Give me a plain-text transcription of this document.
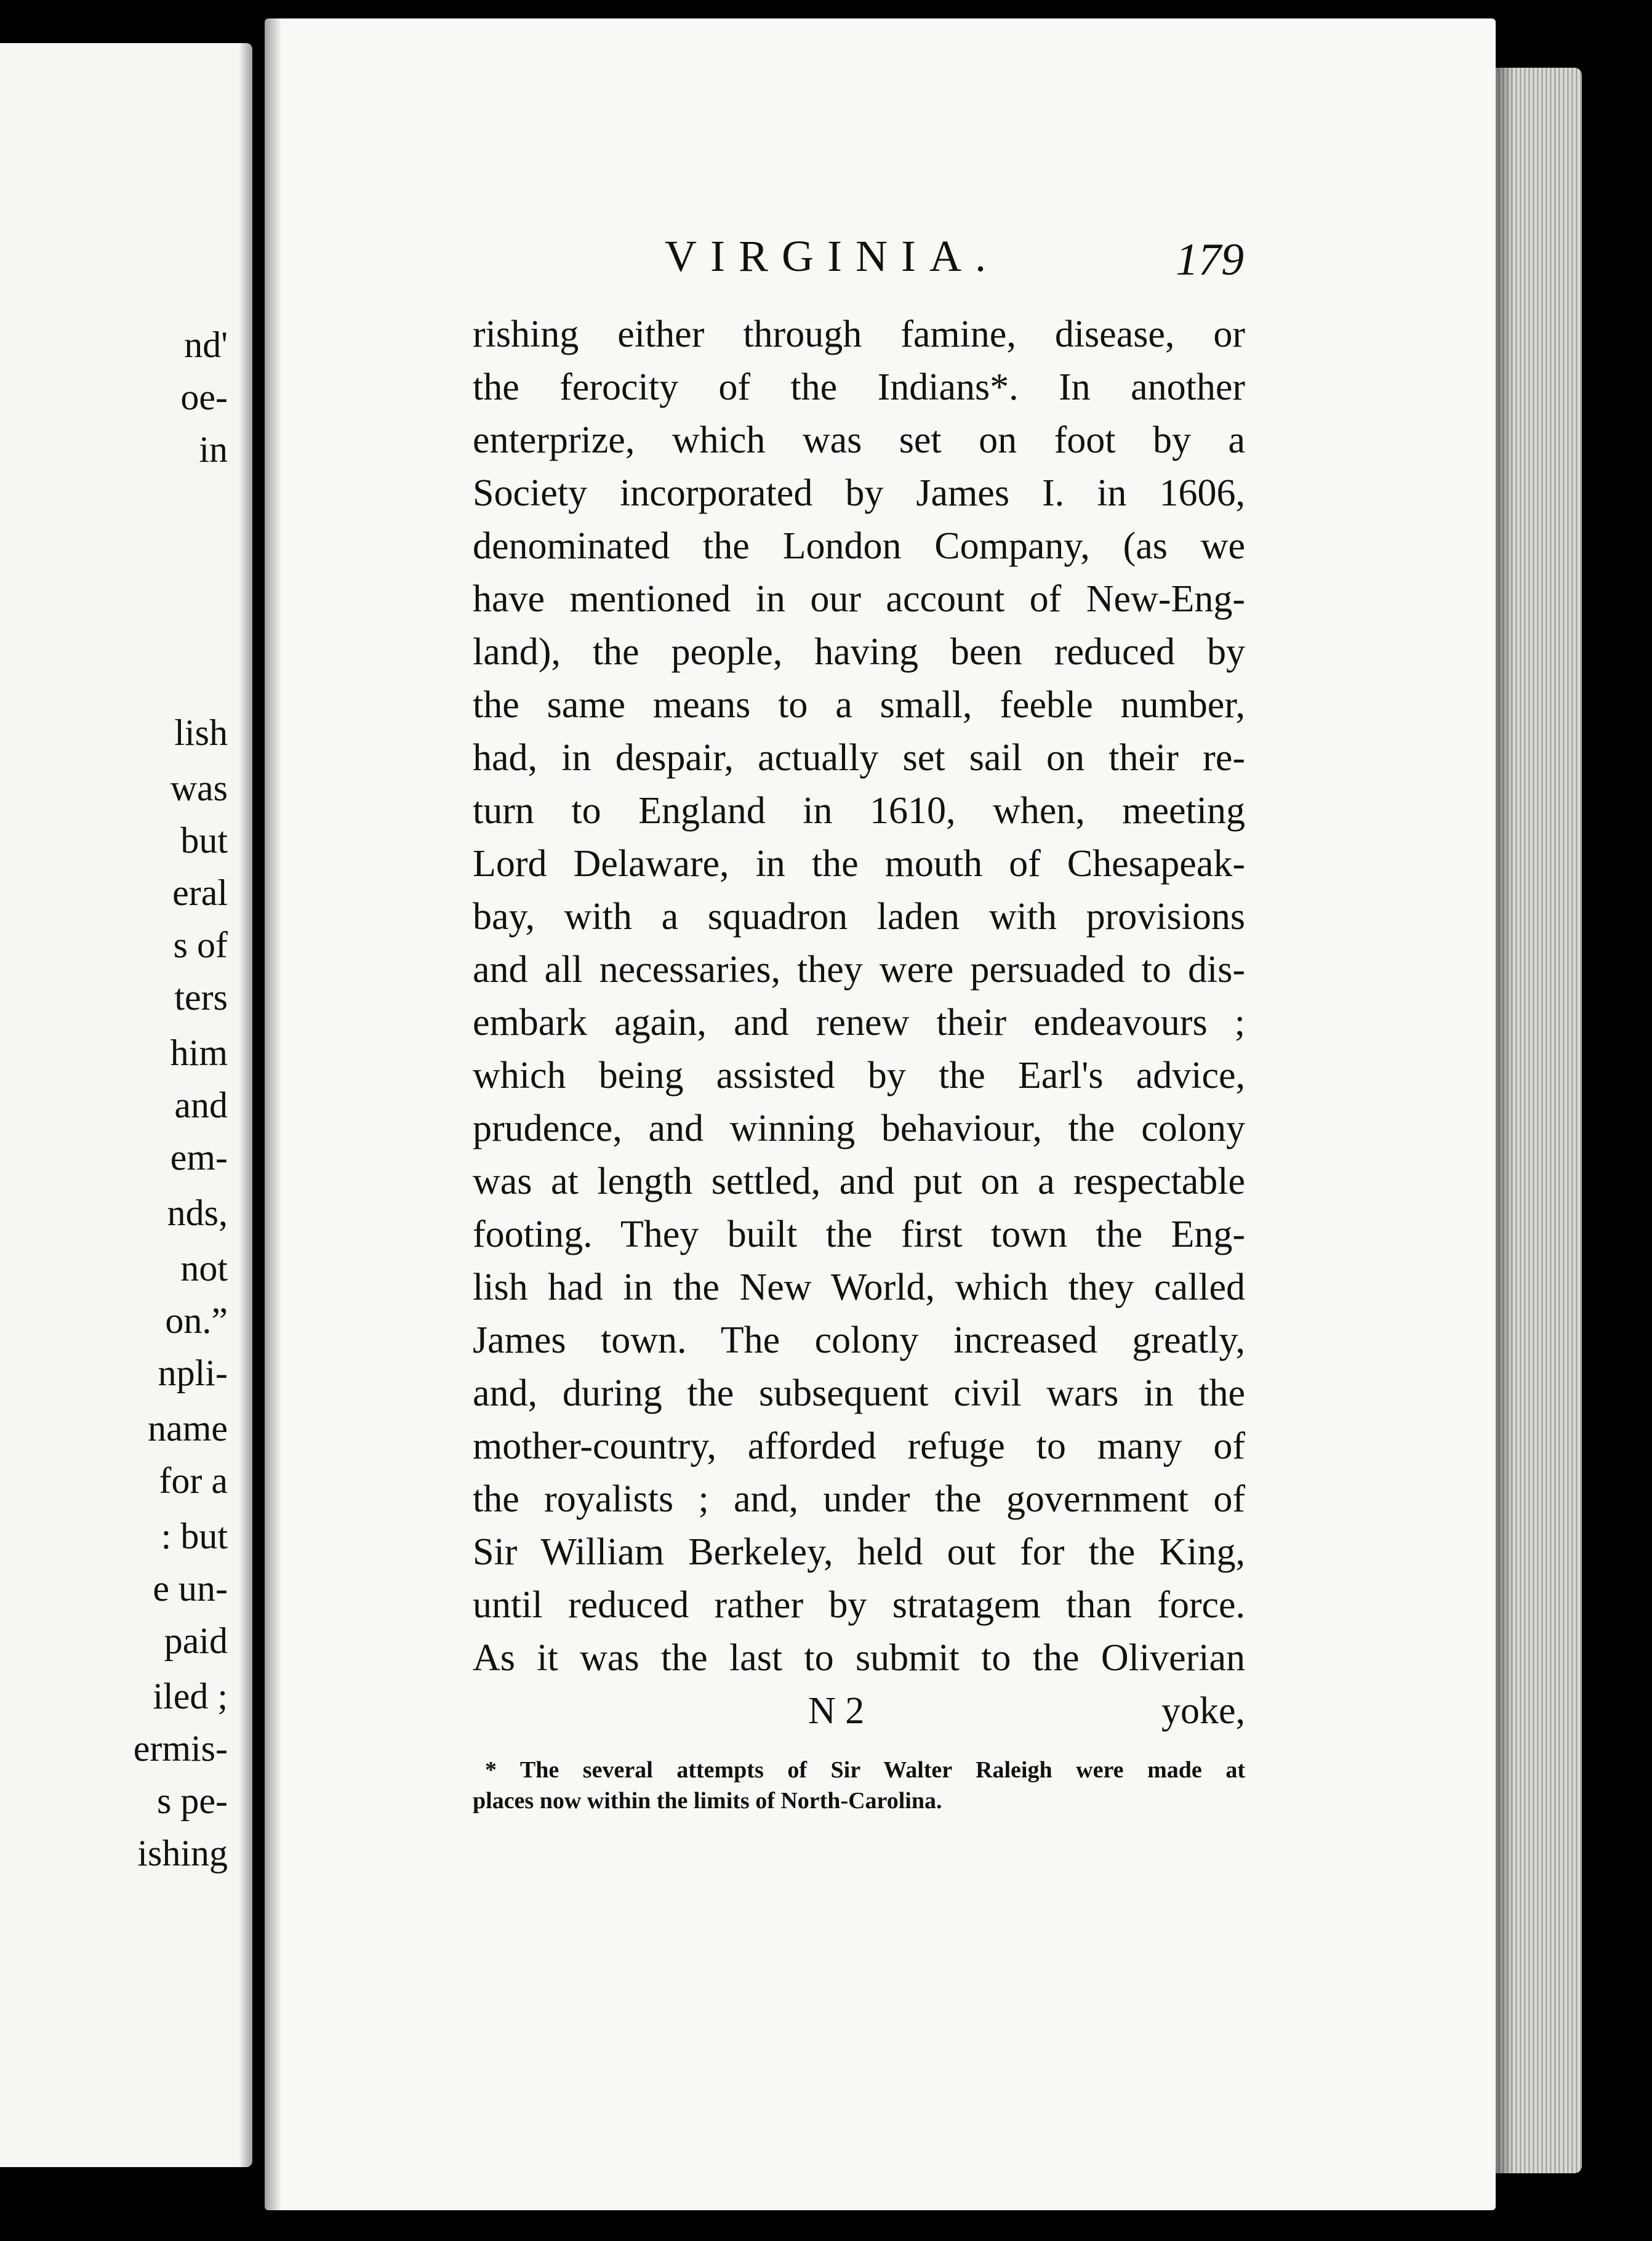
nd'
oe-
in
lish
was
but
eral
s of
ters
him
and
em-
nds,
not
on.”
npli-
name
for a
: but
e un-
paid
iled ;
ermis-
s pe-
ishing
VIRGINIA.	179
rishing either through famine, disease, or
the ferocity of the Indians*. In another
enterprize, which was set on foot by a
Society incorporated by James I. in 1606,
denominated the London Company, (as we
have mentioned in our account of New-Eng-
land), the people, having been reduced by
the same means to a small, feeble number,
had, in despair, actually set sail on their re-
turn to England in 1610, when, meeting
Lord Delaware, in the mouth of Chesapeak-
bay, with a squadron laden with provisions
and all necessaries, they were persuaded to dis-
embark again, and renew their endeavours ;
which being assisted by the Earl's advice,
prudence, and winning behaviour, the colony
was at length settled, and put on a respectable
footing. They built the first town the Eng-
lish had in the New World, which they called
James town. The colony increased greatly,
and, during the subsequent civil wars in the
mother-country, afforded refuge to many of
the royalists ; and, under the government of
Sir William Berkeley, held out for the King,
until reduced rather by stratagem than force.
As it was the last to submit to the Oliverian
N 2	yoke,
* The several attempts of Sir Walter Raleigh were made at
places now within the limits of North-Carolina.
